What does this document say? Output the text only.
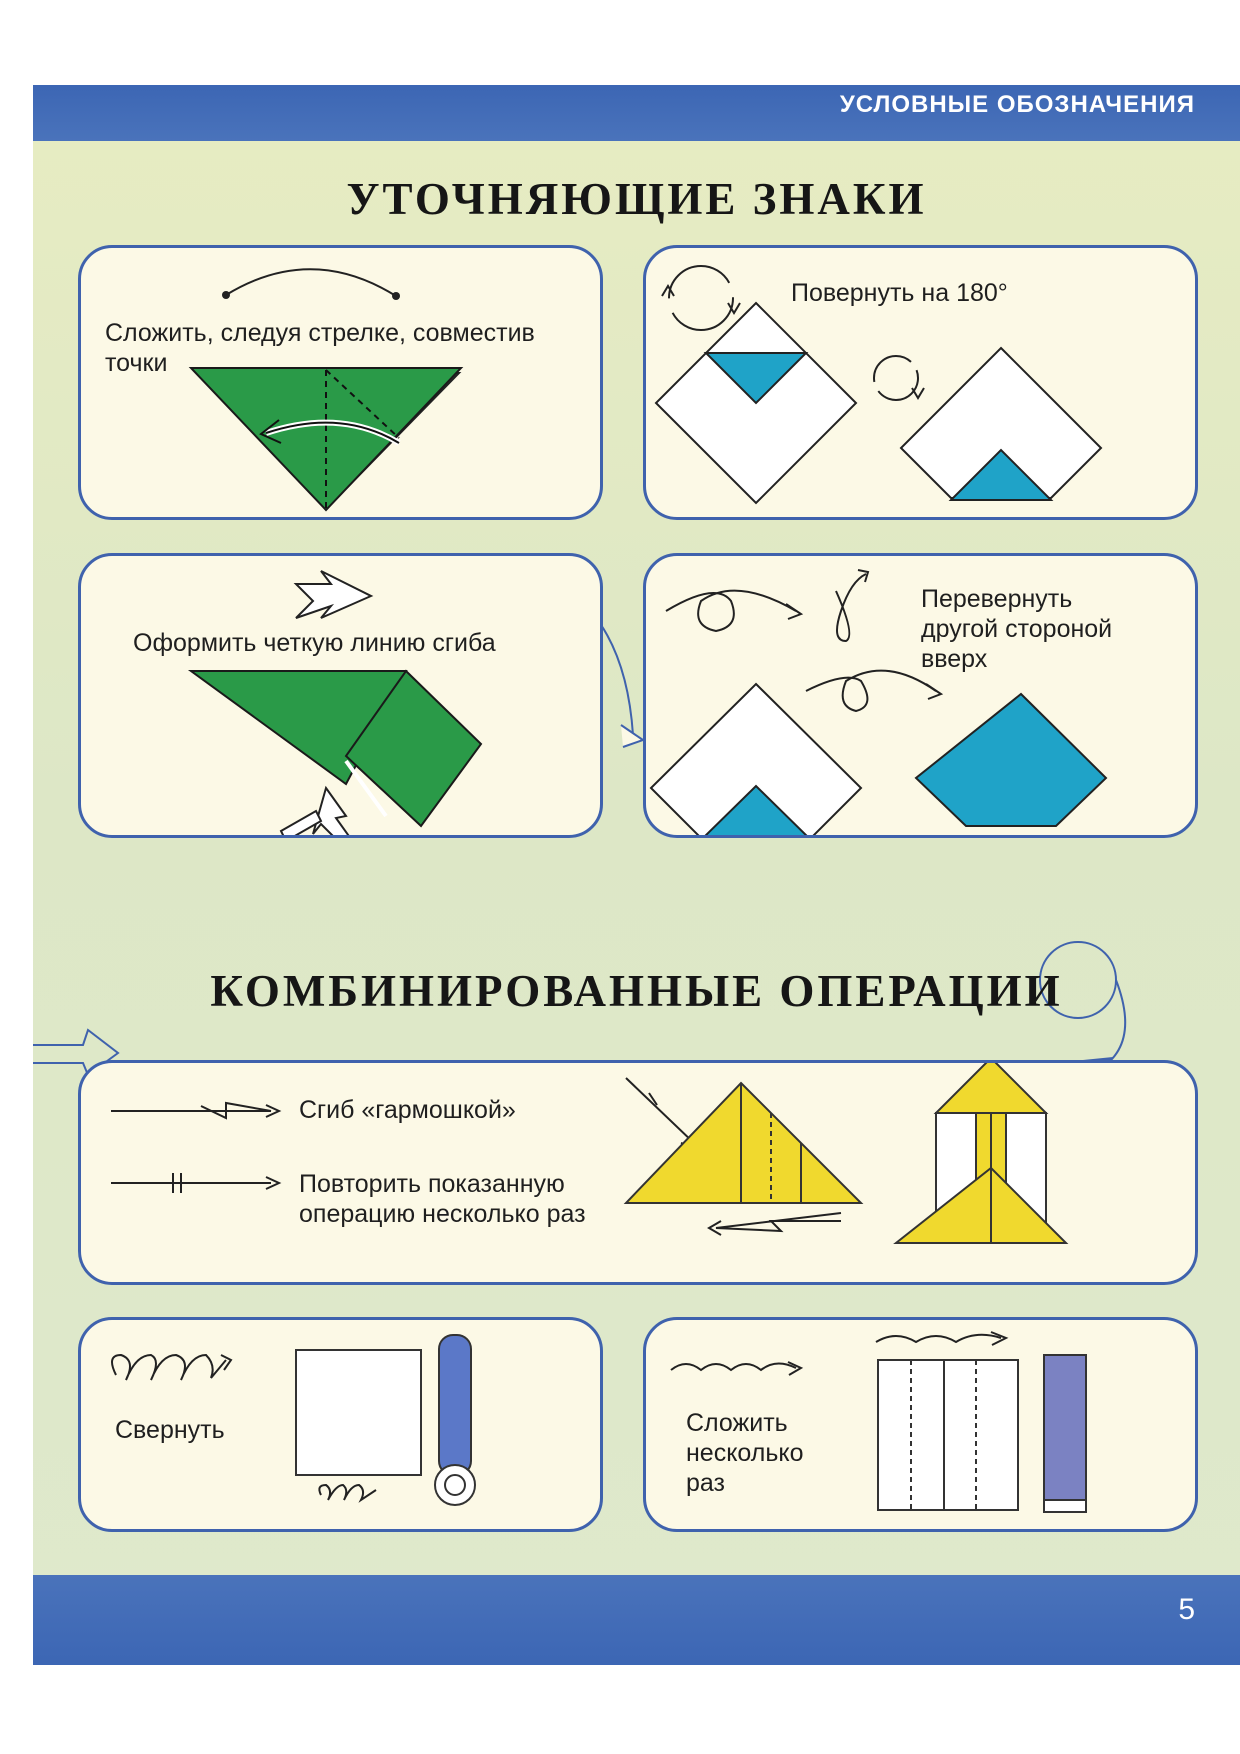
УСЛОВНЫЕ ОБОЗНАЧЕНИЯ
УТОЧНЯЮЩИЕ ЗНАКИ
Сложить, следуя стрелке, совместив точки
Повернуть на 180°
Оформить четкую линию сгиба
Перевернуть другой стороной вверх
КОМБИНИРОВАННЫЕ ОПЕРАЦИИ
Сгиб «гармошкой»
Повторить показанную операцию несколько раз
Свернуть	Сложить несколько раз
5
